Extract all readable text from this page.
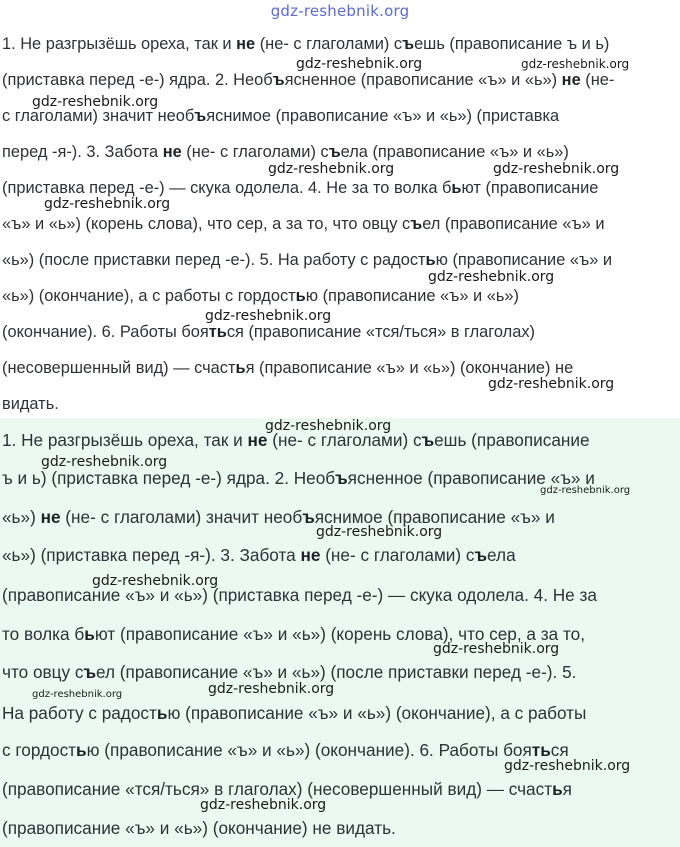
gdz-reshebnik.org
1. Не разгрызёшь ореха, так и не (не- с глаголами) съешь (правописание ъ и ь)
(приставка перед -е-) ядра. 2. Необъясненное (правописание «ъ» и «ь») не (не-
с глаголами) значит необъяснимое (правописание «ъ» и «ь») (приставка
перед -я-). 3. Забота не (не- с глаголами) съела (правописание «ъ» и «ь»)
(приставка перед -е-) — скука одолела. 4. Не за то волка бьют (правописание
«ъ» и «ь») (корень слова), что сер, а за то, что овцу съел (правописание «ъ» и
«ь») (после приставки перед -е-). 5. На работу с радостью (правописание «ъ» и
«ь») (окончание), а с работы с гордостью (правописание «ъ» и «ь»)
(окончание). 6. Работы бояться (правописание «тся/ться» в глаголах)
(несовершенный вид) — счастья (правописание «ъ» и «ь») (окончание) не
видать.
1. Не разгрызёшь ореха, так и не (не- с глаголами) съешь (правописание
ъ и ь) (приставка перед -е-) ядра. 2. Необъясненное (правописание «ъ» и
«ь») не (не- с глаголами) значит необъяснимое (правописание «ъ» и
«ь») (приставка перед -я-). 3. Забота не (не- с глаголами) съела
(правописание «ъ» и «ь») (приставка перед -е-) — скука одолела. 4. Не за
то волка бьют (правописание «ъ» и «ь») (корень слова), что сер, а за то,
что овцу съел (правописание «ъ» и «ь») (после приставки перед -е-). 5.
На работу с радостью (правописание «ъ» и «ь») (окончание), а с работы
с гордостью (правописание «ъ» и «ь») (окончание). 6. Работы бояться
(правописание «тся/ться» в глаголах) (несовершенный вид) — счастья
(правописание «ъ» и «ь») (окончание) не видать.
gdz-reshebnik.org	gdz-reshebnik.org
gdz-reshebnik.org
gdz-reshebnik.org	gdz-reshebnik.org
gdz-reshebnik.org
gdz-reshebnik.org
gdz-reshebnik.org
gdz-reshebnik.org
gdz-reshebnik.org
gdz-reshebnik.org
gdz-reshebnik.org
gdz-reshebnik.org
gdz-reshebnik.org
gdz-reshebnik.org
gdz-reshebnik.org
gdz-reshebnik.org
gdz-reshebnik.org
gdz-reshebnik.org
